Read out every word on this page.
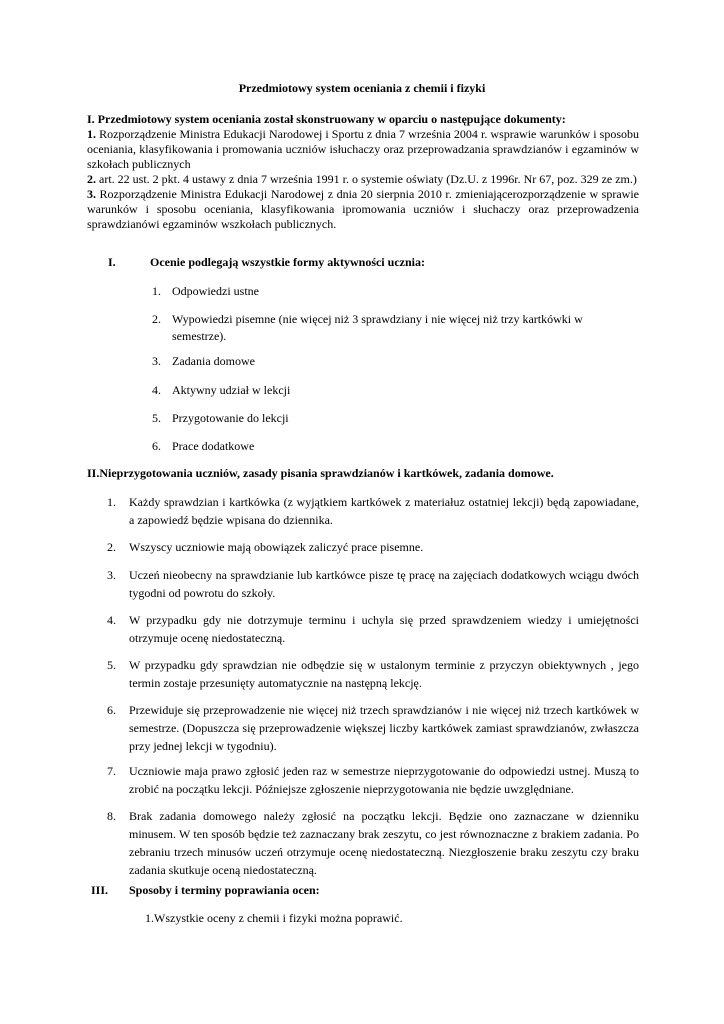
Przedmiotowy system oceniania z chemii i fizyki

I. Przedmiotowy system oceniania został skonstruowany w oparciu o następujące dokumenty:

1. Rozporządzenie Ministra Edukacji Narodowej i Sportu z dnia 7 września 2004 r. wsprawie warunków i sposobu oceniania, klasyfikowania i promowania uczniów isłuchaczy oraz przeprowadzania sprawdzianów i egzaminów w szkołach publicznych

2. art. 22 ust. 2 pkt. 4 ustawy z dnia 7 września 1991 r. o systemie oświaty (Dz.U. z 1996r. Nr 67, poz. 329 ze zm.)

3. Rozporządzenie Ministra Edukacji Narodowej z dnia 20 sierpnia 2010 r. zmieniającerozporządzenie w sprawie warunków i sposobu oceniania, klasyfikowania ipromowania uczniów i słuchaczy oraz przeprowadzenia sprawdzianówi egzaminów wszkołach publicznych.

I.	Ocenie podlegają wszystkie formy aktywności ucznia:
1. Odpowiedzi ustne
2. Wypowiedzi pisemne (nie więcej niż 3 sprawdziany i nie więcej niż trzy kartkówki w
semestrze).
3. Zadania domowe
4. Aktywny udział w lekcji
5. Przygotowanie do lekcji
6. Prace dodatkowe
II.Nieprzygotowania uczniów, zasady pisania sprawdzianów i kartkówek, zadania domowe.
1. Każdy sprawdzian i kartkówka (z wyjątkiem kartkówek z materiałuz ostatniej lekcji) będą zapowiadane, a zapowiedź będzie wpisana do dziennika.
2. Wszyscy uczniowie mają obowiązek zaliczyć prace pisemne.
3. Uczeń nieobecny na sprawdzianie lub kartkówce pisze tę pracę na zajęciach dodatkowych wciągu dwóch tygodni od powrotu do szkoły.
4. W przypadku gdy nie dotrzymuje terminu i uchyla się przed sprawdzeniem wiedzy i umiejętności otrzymuje ocenę niedostateczną.
5. W przypadku gdy sprawdzian nie odbędzie się w ustalonym terminie z przyczyn obiektywnych , jego termin zostaje przesunięty automatycznie na następną lekcję.
6. Przewiduje się przeprowadzenie nie więcej niż trzech sprawdzianów i nie więcej niż trzech kartkówek w semestrze. (Dopuszcza się przeprowadzenie większej liczby kartkówek zamiast sprawdzianów, zwłaszcza przy jednej lekcji w tygodniu).
7. Uczniowie maja prawo zgłosić jeden raz w semestrze nieprzygotowanie do odpowiedzi ustnej. Muszą to zrobić na początku lekcji. Późniejsze zgłoszenie nieprzygotowania nie będzie uwzględniane.
8. Brak zadania domowego należy zgłosić na początku lekcji. Będzie ono zaznaczane w dzienniku minusem. W ten sposób będzie też zaznaczany brak zeszytu, co jest równoznaczne z brakiem zadania. Po zebraniu trzech minusów uczeń otrzymuje ocenę niedostateczną. Niezgłoszenie braku zeszytu czy braku zadania skutkuje oceną niedostateczną.
III. Sposoby i terminy poprawiania ocen:
1.Wszystkie oceny z chemii i fizyki można poprawić.
